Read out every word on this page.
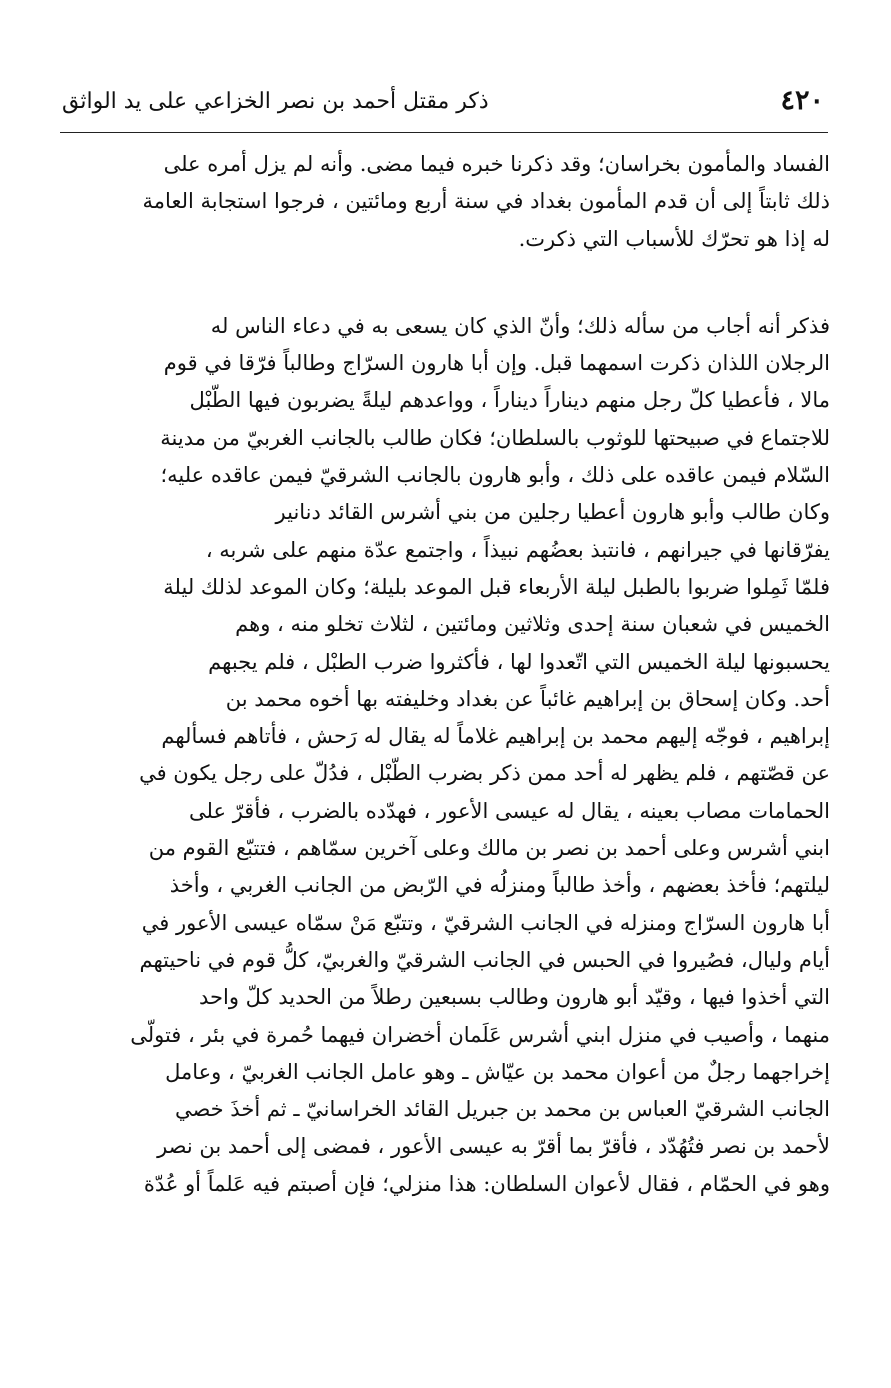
٤٢٠
ذكر مقتل أحمد بن نصر الخزاعي على يد الواثق
الفساد والمأمون بخراسان؛ وقد ذكرنا خبره فيما مضى. وأنه لم يزل أمره على
ذلك ثابتاً إلى أن قدم المأمون بغداد في سنة أربع ومائتين ، فرجوا استجابة العامة
له إذا هو تحرّك للأسباب التي ذكرت.
فذكر أنه أجاب من سأله ذلك؛ وأنّ الذي كان يسعى به في دعاء الناس له
الرجلان اللذان ذكرت اسمهما قبل. وإن أبا هارون السرّاج وطالباً فرّقا في قوم
مالا ، فأعطيا كلّ رجل منهم ديناراً ديناراً ، وواعدهم ليلةً يضربون فيها الطّبْل
للاجتماع في صبيحتها للوثوب بالسلطان؛ فكان طالب بالجانب الغربيّ من مدينة
السّلام فيمن عاقده على ذلك ، وأبو هارون بالجانب الشرقيّ فيمن عاقده عليه؛
وكان طالب وأبو هارون أعطيا رجلين من بني أشرس القائد دنانير
يفرّقانها في جيرانهم ، فانتبذ بعضُهم نبيذاً ، واجتمع عدّة منهم على شربه ،
فلمّا ثَمِلوا ضربوا بالطبل ليلة الأربعاء قبل الموعد بليلة؛ وكان الموعد لذلك ليلة
الخميس في شعبان سنة إحدى وثلاثين ومائتين ، لثلاث تخلو منه ، وهم
يحسبونها ليلة الخميس التي اتّعدوا لها ، فأكثروا ضرب الطبْل ، فلم يجبهم
أحد. وكان إسحاق بن إبراهيم غائباً عن بغداد وخليفته بها أخوه محمد بن
إبراهيم ، فوجّه إليهم محمد بن إبراهيم غلاماً له يقال له رَحش ، فأتاهم فسألهم
عن قصّتهم ، فلم يظهر له أحد ممن ذكر بضرب الطّبْل ، فدُلّ على رجل يكون في
الحمامات مصاب بعينه ، يقال له عيسى الأعور ، فهدّده بالضرب ، فأقرّ على
ابني أشرس وعلى أحمد بن نصر بن مالك وعلى آخرين سمّاهم ، فتتبّع القوم من
ليلتهم؛ فأخذ بعضهم ، وأخذ طالباً ومنزلُه في الرّبض من الجانب الغربي ، وأخذ
أبا هارون السرّاج ومنزله في الجانب الشرقيّ ، وتتبّع مَنْ سمّاه عيسى الأعور في
أيام وليال، فصُيروا في الحبس في الجانب الشرقيّ والغربيّ، كلُّ قوم في ناحيتهم
التي أخذوا فيها ، وقيّد أبو هارون وطالب بسبعين رطلاً من الحديد كلّ واحد
منهما ، وأصيب في منزل ابني أشرس عَلَمان أخضران فيهما حُمرة في بئر ، فتولّى
إخراجهما رجلٌ من أعوان محمد بن عيّاش ـ وهو عامل الجانب الغربيّ ، وعامل
الجانب الشرقيّ العباس بن محمد بن جبريل القائد الخراسانيّ ـ ثم أخذَ خصي
لأحمد بن نصر فتُهُدّد ، فأقرّ بما أقرّ به عيسى الأعور ، فمضى إلى أحمد بن نصر
وهو في الحمّام ، فقال لأعوان السلطان: هذا منزلي؛ فإن أصبتم فيه عَلماً أو عُدّة
